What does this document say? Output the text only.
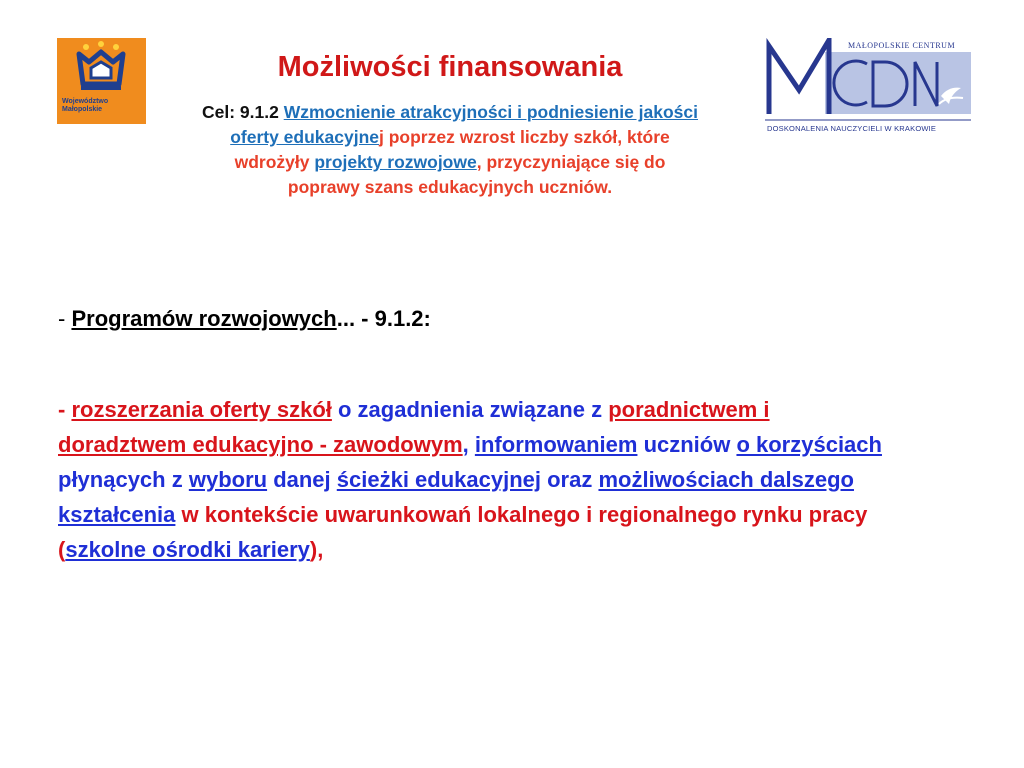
Województwo
Małopolskie
MAŁOPOLSKIE CENTRUM
DOSKONALENIA NAUCZYCIELI W KRAKOWIE
Możliwości finansowania
Cel: 9.1.2 Wzmocnienie atrakcyjności i podniesienie jakości oferty edukacyjnej poprzez wzrost liczby szkół, które wdrożyły projekty rozwojowe, przyczyniające się do poprawy szans edukacyjnych uczniów.
- Programów rozwojowych... - 9.1.2:
- rozszerzania oferty szkół o zagadnienia związane z poradnictwem i doradztwem edukacyjno - zawodowym, informowaniem uczniów o korzyściach płynących z wyboru danej ścieżki edukacyjnej oraz możliwościach dalszego kształcenia w kontekście uwarunkowań lokalnego i regionalnego rynku pracy (szkolne ośrodki kariery),
